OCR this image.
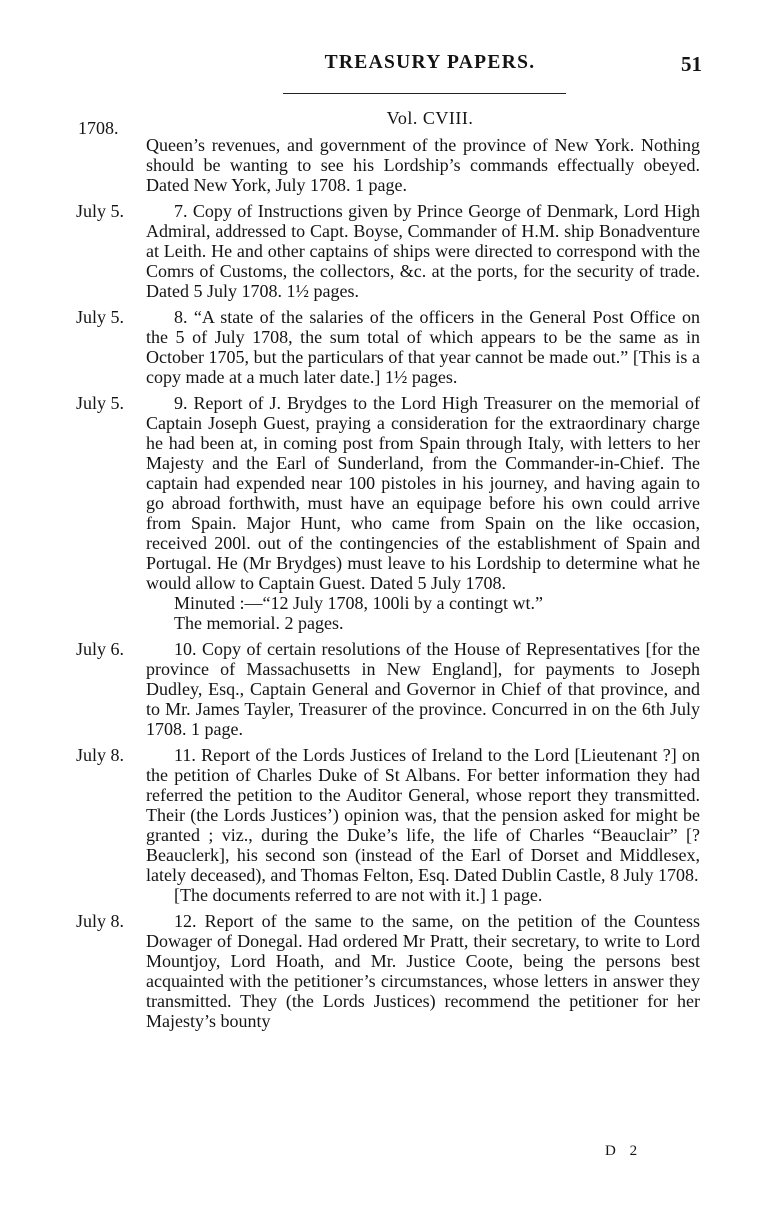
TREASURY PAPERS.	51
Vol. CVIII.
1708.
Queen’s revenues, and government of the province of New York. Nothing should be wanting to see his Lordship’s commands effectually obeyed. Dated New York, July 1708. 1 page.
July 5.	7. Copy of Instructions given by Prince George of Denmark, Lord High Admiral, addressed to Capt. Boyse, Commander of H.M. ship Bonadventure at Leith. He and other captains of ships were directed to correspond with the Comrs of Customs, the collectors, &c. at the ports, for the security of trade. Dated 5 July 1708. 1½ pages.
July 5.	8. “A state of the salaries of the officers in the General Post Office on the 5 of July 1708, the sum total of which appears to be the same as in October 1705, but the particulars of that year cannot be made out.” [This is a copy made at a much later date.] 1½ pages.
July 5.	9. Report of J. Brydges to the Lord High Treasurer on the memorial of Captain Joseph Guest, praying a consideration for the extraordinary charge he had been at, in coming post from Spain through Italy, with letters to her Majesty and the Earl of Sunderland, from the Commander-in-Chief. The captain had expended near 100 pistoles in his journey, and having again to go abroad forthwith, must have an equipage before his own could arrive from Spain. Major Hunt, who came from Spain on the like occasion, received 200l. out of the contingencies of the establishment of Spain and Portugal. He (Mr Brydges) must leave to his Lordship to determine what he would allow to Captain Guest. Dated 5 July 1708.
Minuted :—“12 July 1708, 100li by a contingt wt.”
The memorial. 2 pages.
July 6.	10. Copy of certain resolutions of the House of Representatives [for the province of Massachusetts in New England], for payments to Joseph Dudley, Esq., Captain General and Governor in Chief of that province, and to Mr. James Tayler, Treasurer of the province. Concurred in on the 6th July 1708. 1 page.
July 8.	11. Report of the Lords Justices of Ireland to the Lord [Lieutenant ?] on the petition of Charles Duke of St Albans. For better information they had referred the petition to the Auditor General, whose report they transmitted. Their (the Lords Justices’) opinion was, that the pension asked for might be granted ; viz., during the Duke’s life, the life of Charles “Beauclair” [? Beauclerk], his second son (instead of the Earl of Dorset and Middlesex, lately deceased), and Thomas Felton, Esq. Dated Dublin Castle, 8 July 1708.
[The documents referred to are not with it.] 1 page.
July 8.	12. Report of the same to the same, on the petition of the Countess Dowager of Donegal. Had ordered Mr Pratt, their secretary, to write to Lord Mountjoy, Lord Hoath, and Mr. Justice Coote, being the persons best acquainted with the petitioner’s circumstances, whose letters in answer they transmitted. They (the Lords Justices) recommend the petitioner for her Majesty’s bounty
D 2
